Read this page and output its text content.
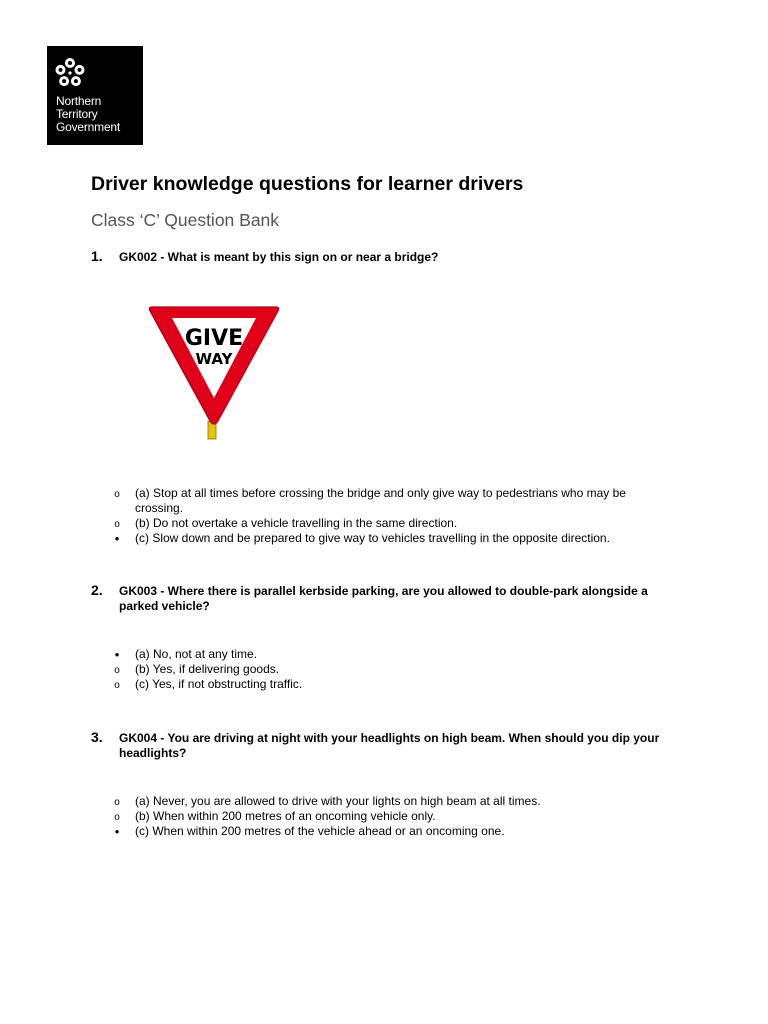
Northern
Territory
Government
Driver knowledge questions for learner drivers
Class ‘C’ Question Bank
1. GK002 - What is meant by this sign on or near a bridge?
GIVE
WAY
o	(a) Stop at all times before crossing the bridge and only give way to pedestrians who may be crossing.
o	(b) Do not overtake a vehicle travelling in the same direction.
•	(c) Slow down and be prepared to give way to vehicles travelling in the opposite direction.
2. GK003 - Where there is parallel kerbside parking, are you allowed to double-park alongside a parked vehicle?
•	(a) No, not at any time.
o	(b) Yes, if delivering goods.
o	(c) Yes, if not obstructing traffic.
3. GK004 - You are driving at night with your headlights on high beam. When should you dip your headlights?
o	(a) Never, you are allowed to drive with your lights on high beam at all times.
o	(b) When within 200 metres of an oncoming vehicle only.
•	(c) When within 200 metres of the vehicle ahead or an oncoming one.
